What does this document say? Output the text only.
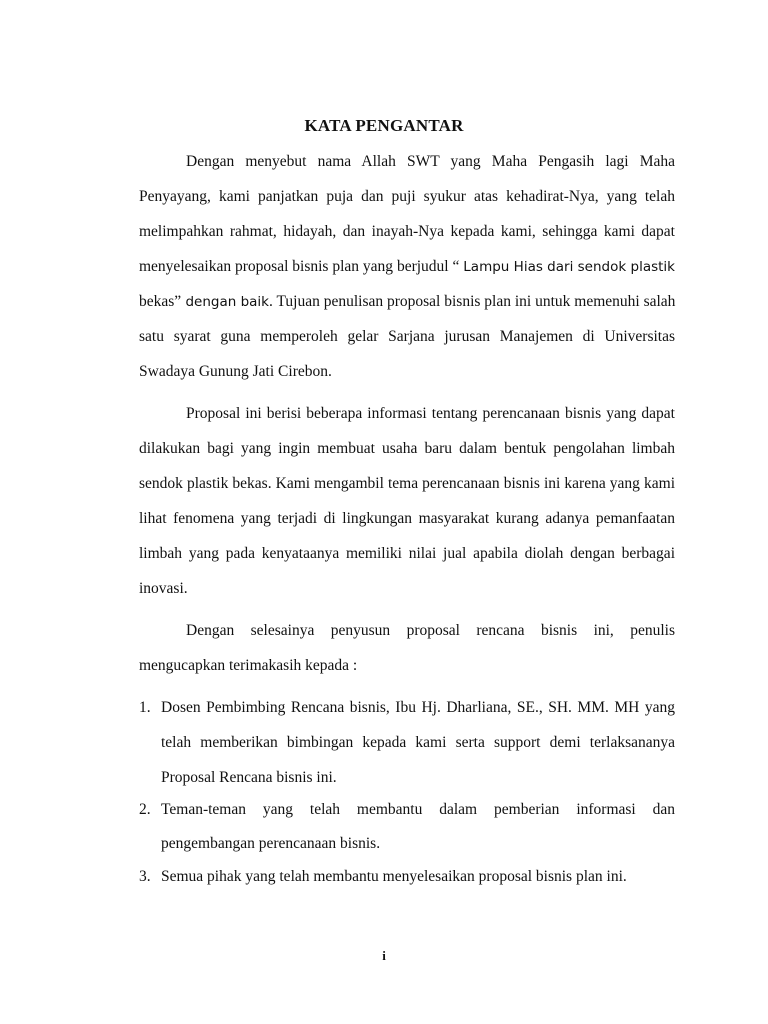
KATA PENGANTAR
Dengan menyebut nama Allah SWT yang Maha Pengasih lagi Maha
Penyayang, kami panjatkan puja dan puji syukur atas kehadirat-Nya, yang telah
melimpahkan rahmat, hidayah, dan inayah-Nya kepada kami, sehingga kami dapat
menyelesaikan proposal bisnis plan yang berjudul “ Lampu Hias dari sendok plastik
bekas” dengan baik. Tujuan penulisan proposal bisnis plan ini untuk memenuhi salah
satu syarat guna memperoleh gelar Sarjana jurusan Manajemen di Universitas
Swadaya Gunung Jati Cirebon.
Proposal ini berisi beberapa informasi tentang perencanaan bisnis yang dapat
dilakukan bagi yang ingin membuat usaha baru dalam bentuk pengolahan limbah
sendok plastik bekas. Kami mengambil tema perencanaan bisnis ini karena yang kami
lihat fenomena yang terjadi di lingkungan masyarakat kurang adanya pemanfaatan
limbah yang pada kenyataanya memiliki nilai jual apabila diolah dengan berbagai
inovasi.
Dengan selesainya penyusun proposal rencana bisnis ini, penulis
mengucapkan terimakasih kepada :
1. Dosen Pembimbing Rencana bisnis, Ibu Hj. Dharliana, SE., SH. MM. MH yang
telah memberikan bimbingan kepada kami serta support demi terlaksananya
Proposal Rencana bisnis ini.
2. Teman-teman yang telah membantu dalam pemberian informasi dan
pengembangan perencanaan bisnis.
3. Semua pihak yang telah membantu menyelesaikan proposal bisnis plan ini.
i
